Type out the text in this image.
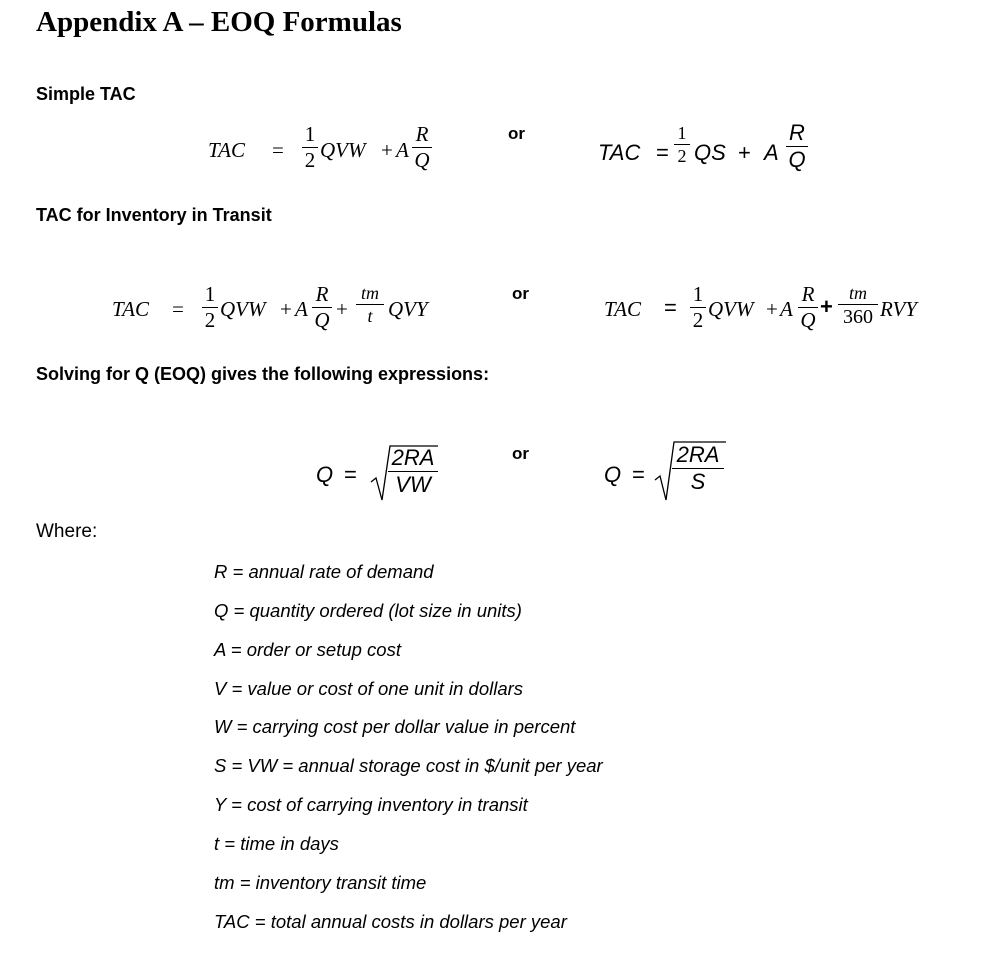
Appendix A – EOQ Formulas
Simple TAC
TAC for Inventory in Transit
Solving for Q (EOQ) gives the following expressions:
TAC =
1
2 QVW + A
R
Q
or
TAC =
1
2 QS + A
R
Q
TAC =
1
2 QVW + A
R
Q +
tm
t QVY
or
TAC =
1
2 QVW + A
R
Q
+
tm
360 RVY
Q =
2RA
VW
or
Q =
2RA
S
Where:
R = annual rate of demand
Q = quantity ordered (lot size in units)
A = order or setup cost
V = value or cost of one unit in dollars
W = carrying cost per dollar value in percent
S = VW = annual storage cost in $/unit per year
Y = cost of carrying inventory in transit
t = time in days
tm = inventory transit time
TAC = total annual costs in dollars per year
